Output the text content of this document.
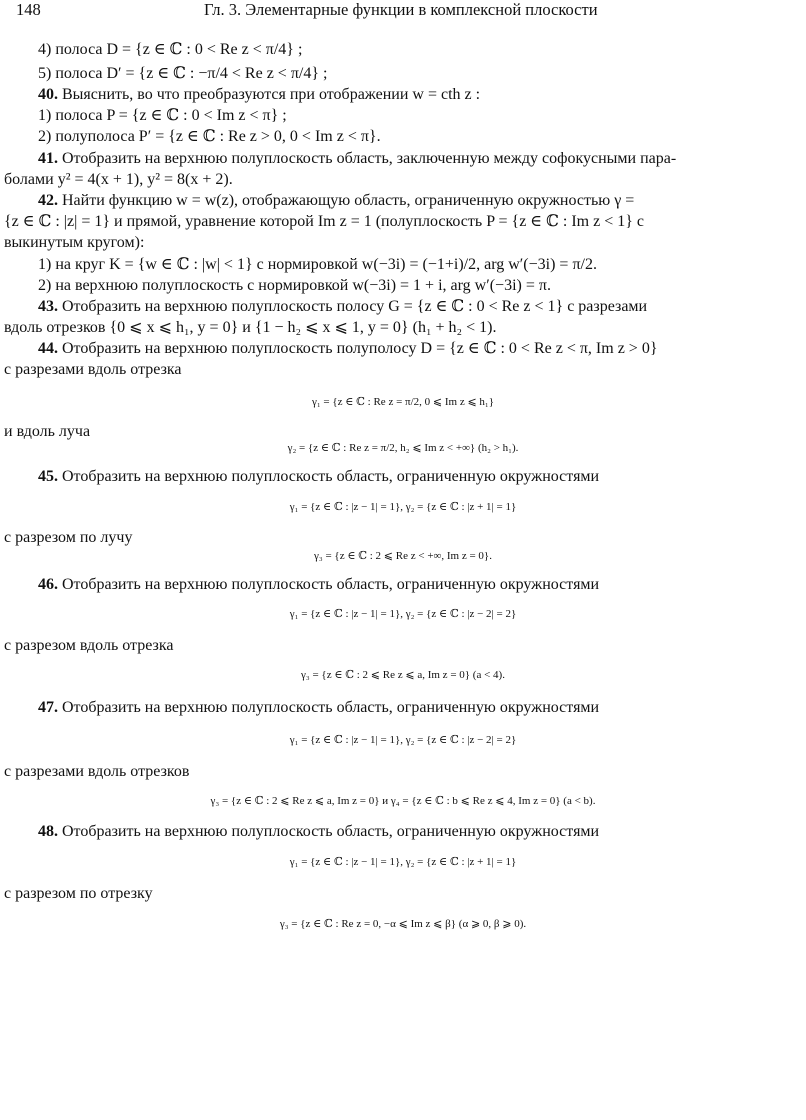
148	Гл. 3. Элементарные функции в комплексной плоскости
4) полоса D = {z ∈ ℂ : 0 < Re z < π/4} ;
5) полоса D′ = {z ∈ ℂ : −π/4 < Re z < π/4} ;
40. Выяснить, во что преобразуются при отображении w = cth z :
1) полоса P = {z ∈ ℂ : 0 < Im z < π} ;
2) полуполоса P′ = {z ∈ ℂ : Re z > 0, 0 < Im z < π}.
41. Отобразить на верхнюю полуплоскость область, заключенную между софокусными пара-
болами y² = 4(x + 1), y² = 8(x + 2).
42. Найти функцию w = w(z), отображающую область, ограниченную окружностью γ =
{z ∈ ℂ : |z| = 1} и прямой, уравнение которой Im z = 1 (полуплоскость P = {z ∈ ℂ : Im z < 1} с
выкинутым кругом):
1) на круг K = {w ∈ ℂ : |w| < 1} с нормировкой w(−3i) = (−1+i)/2, arg w′(−3i) = π/2.
2) на верхнюю полуплоскость с нормировкой w(−3i) = 1 + i, arg w′(−3i) = π.
43. Отобразить на верхнюю полуплоскость полосу G = {z ∈ ℂ : 0 < Re z < 1} с разрезами
вдоль отрезков {0 ⩽ x ⩽ h₁, y = 0} и {1 − h₂ ⩽ x ⩽ 1, y = 0} (h₁ + h₂ < 1).
44. Отобразить на верхнюю полуплоскость полуполосу D = {z ∈ ℂ : 0 < Re z < π, Im z > 0}
с разрезами вдоль отрезка
γ₁ = {z ∈ ℂ : Re z = π/2, 0 ⩽ Im z ⩽ h₁}
и вдоль луча
γ₂ = {z ∈ ℂ : Re z = π/2, h₂ ⩽ Im z < +∞} (h₂ > h₁).
45. Отобразить на верхнюю полуплоскость область, ограниченную окружностями
γ₁ = {z ∈ ℂ : |z − 1| = 1}, γ₂ = {z ∈ ℂ : |z + 1| = 1}
с разрезом по лучу
γ₃ = {z ∈ ℂ : 2 ⩽ Re z < +∞, Im z = 0}.
46. Отобразить на верхнюю полуплоскость область, ограниченную окружностями
γ₁ = {z ∈ ℂ : |z − 1| = 1}, γ₂ = {z ∈ ℂ : |z − 2| = 2}
с разрезом вдоль отрезка
γ₃ = {z ∈ ℂ : 2 ⩽ Re z ⩽ a, Im z = 0} (a < 4).
47. Отобразить на верхнюю полуплоскость область, ограниченную окружностями
γ₁ = {z ∈ ℂ : |z − 1| = 1}, γ₂ = {z ∈ ℂ : |z − 2| = 2}
с разрезами вдоль отрезков
γ₃ = {z ∈ ℂ : 2 ⩽ Re z ⩽ a, Im z = 0} и γ₄ = {z ∈ ℂ : b ⩽ Re z ⩽ 4, Im z = 0} (a < b).
48. Отобразить на верхнюю полуплоскость область, ограниченную окружностями
γ₁ = {z ∈ ℂ : |z − 1| = 1}, γ₂ = {z ∈ ℂ : |z + 1| = 1}
с разрезом по отрезку
γ₃ = {z ∈ ℂ : Re z = 0, −α ⩽ Im z ⩽ β} (α ⩾ 0, β ⩾ 0).
